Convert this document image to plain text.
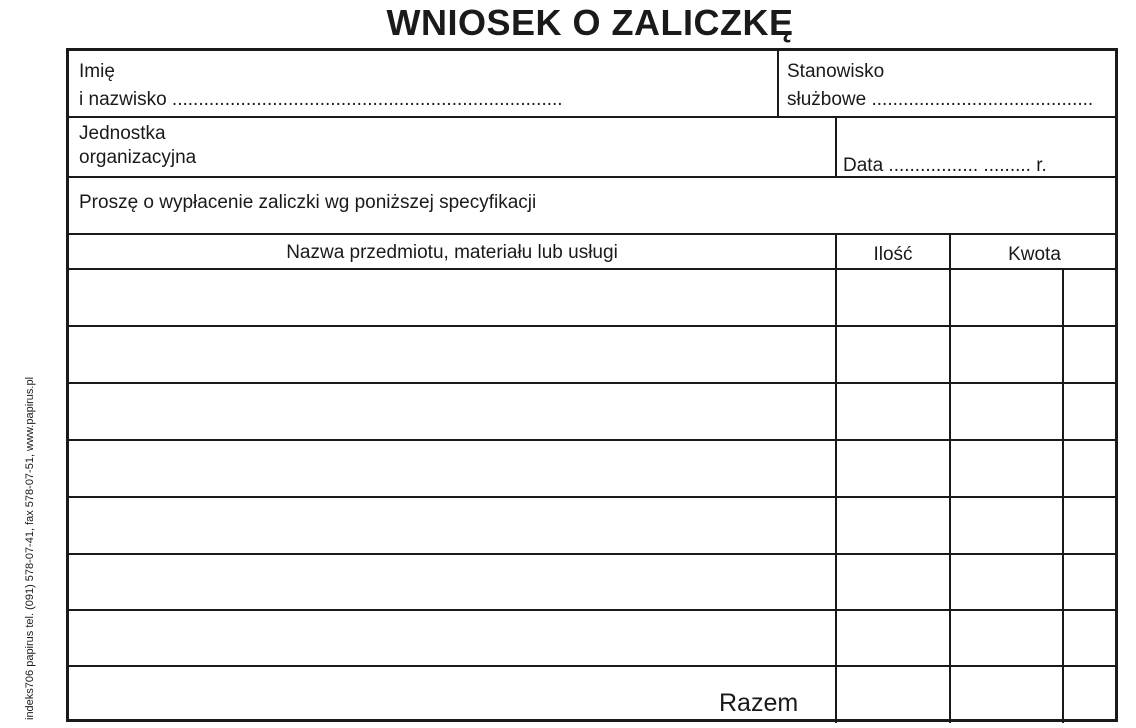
WNIOSEK O ZALICZKĘ
indeks706 papirus tel. (091) 578-07-41, fax 578-07-51, www.papirus.pl
Imię
i nazwisko ..........................................................................
Stanowisko
służbowe ..........................................
Jednostka
organizacyjna	Data ................. ......... r.
Proszę o wypłacenie zaliczki wg poniższej specyfikacji
Nazwa przedmiotu, materiału lub usługi	Ilość	Kwota
Razem
